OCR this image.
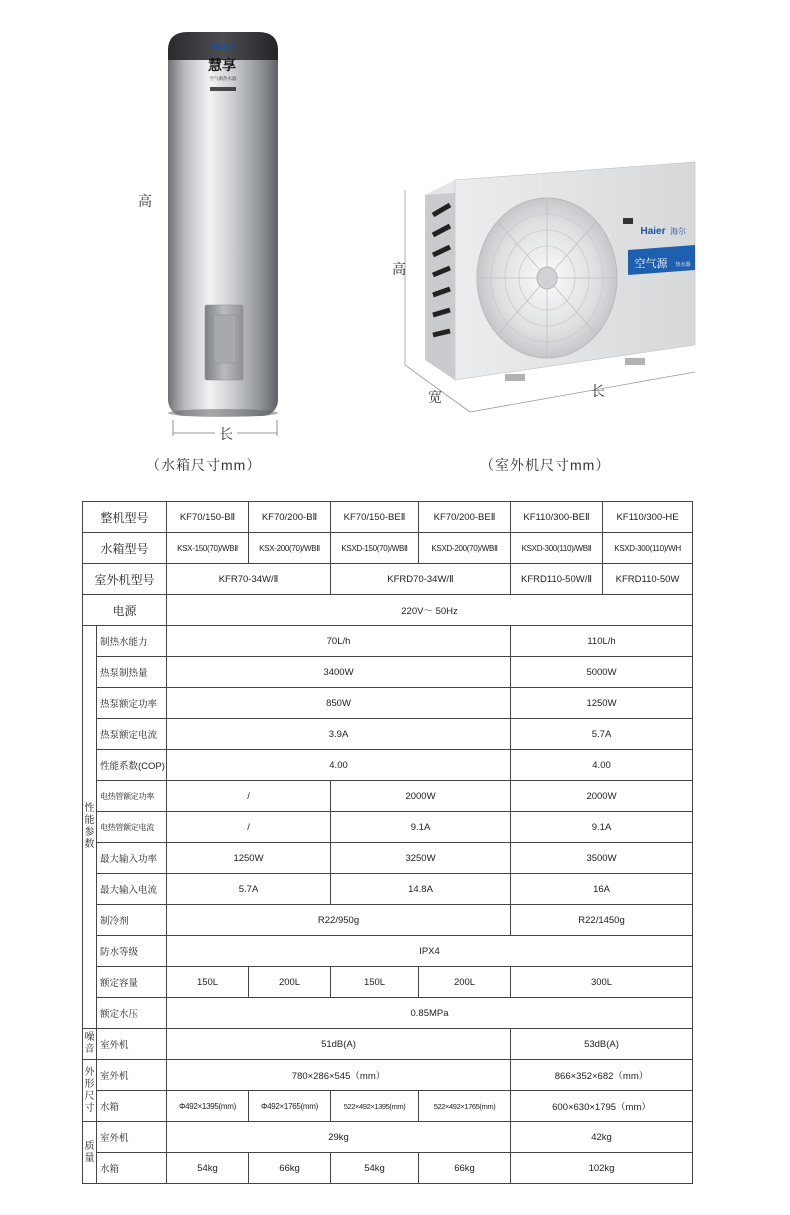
Haier
慧享
空气源热水器
高
长
（水箱尺寸mm）
Haier 海尔
空气源 热水器
高
宽	长
（室外机尺寸mm）
整机型号		KF70/150-BⅡ	KF70/200-BⅡ	KF70/150-BEⅡ	KF70/200-BEⅡ	KF110/300-BEⅡ	KF110/300-HE
水箱型号		KSX-150(70)/WBⅡ	KSX-200(70)/WBⅡ	KSXD-150(70)/WBⅡ	KSXD-200(70)/WBⅡ	KSXD-300(110)/WBⅡ	KSXD-300(110)/WH
室外机型号		KFR70-34W/Ⅱ		KFRD70-34W/Ⅱ		KFRD110-50W/Ⅱ	KFRD110-50W
电源		220V～ 50Hz					
性能参数	制热水能力	70L/h				110L/h	
	热泵制热量	3400W				5000W	
	热泵额定功率	850W				1250W	
	热泵额定电流	3.9A				5.7A	
	性能系数(COP)	4.00				4.00	
	电热管额定功率	/		2000W		2000W	
	电热管额定电流	/		9.1A		9.1A	
	最大输入功率	1250W		3250W		3500W	
	最大输入电流	5.7A		14.8A		16A	
	制冷剂	R22/950g				R22/1450g	
	防水等级	IPX4					
	额定容量	150L	200L	150L	200L	300L	
	额定水压	0.85MPa					
噪音	室外机	51dB(A)				53dB(A)	
外形尺寸	室外机	780×286×545（mm）				866×352×682（mm）	
	水箱	Φ492×1395(mm)	Φ492×1765(mm)	522×492×1395(mm)	522×492×1765(mm)	600×630×1795（mm）	
质量	室外机	29kg				42kg	
	水箱	54kg	66kg	54kg	66kg	102kg	
